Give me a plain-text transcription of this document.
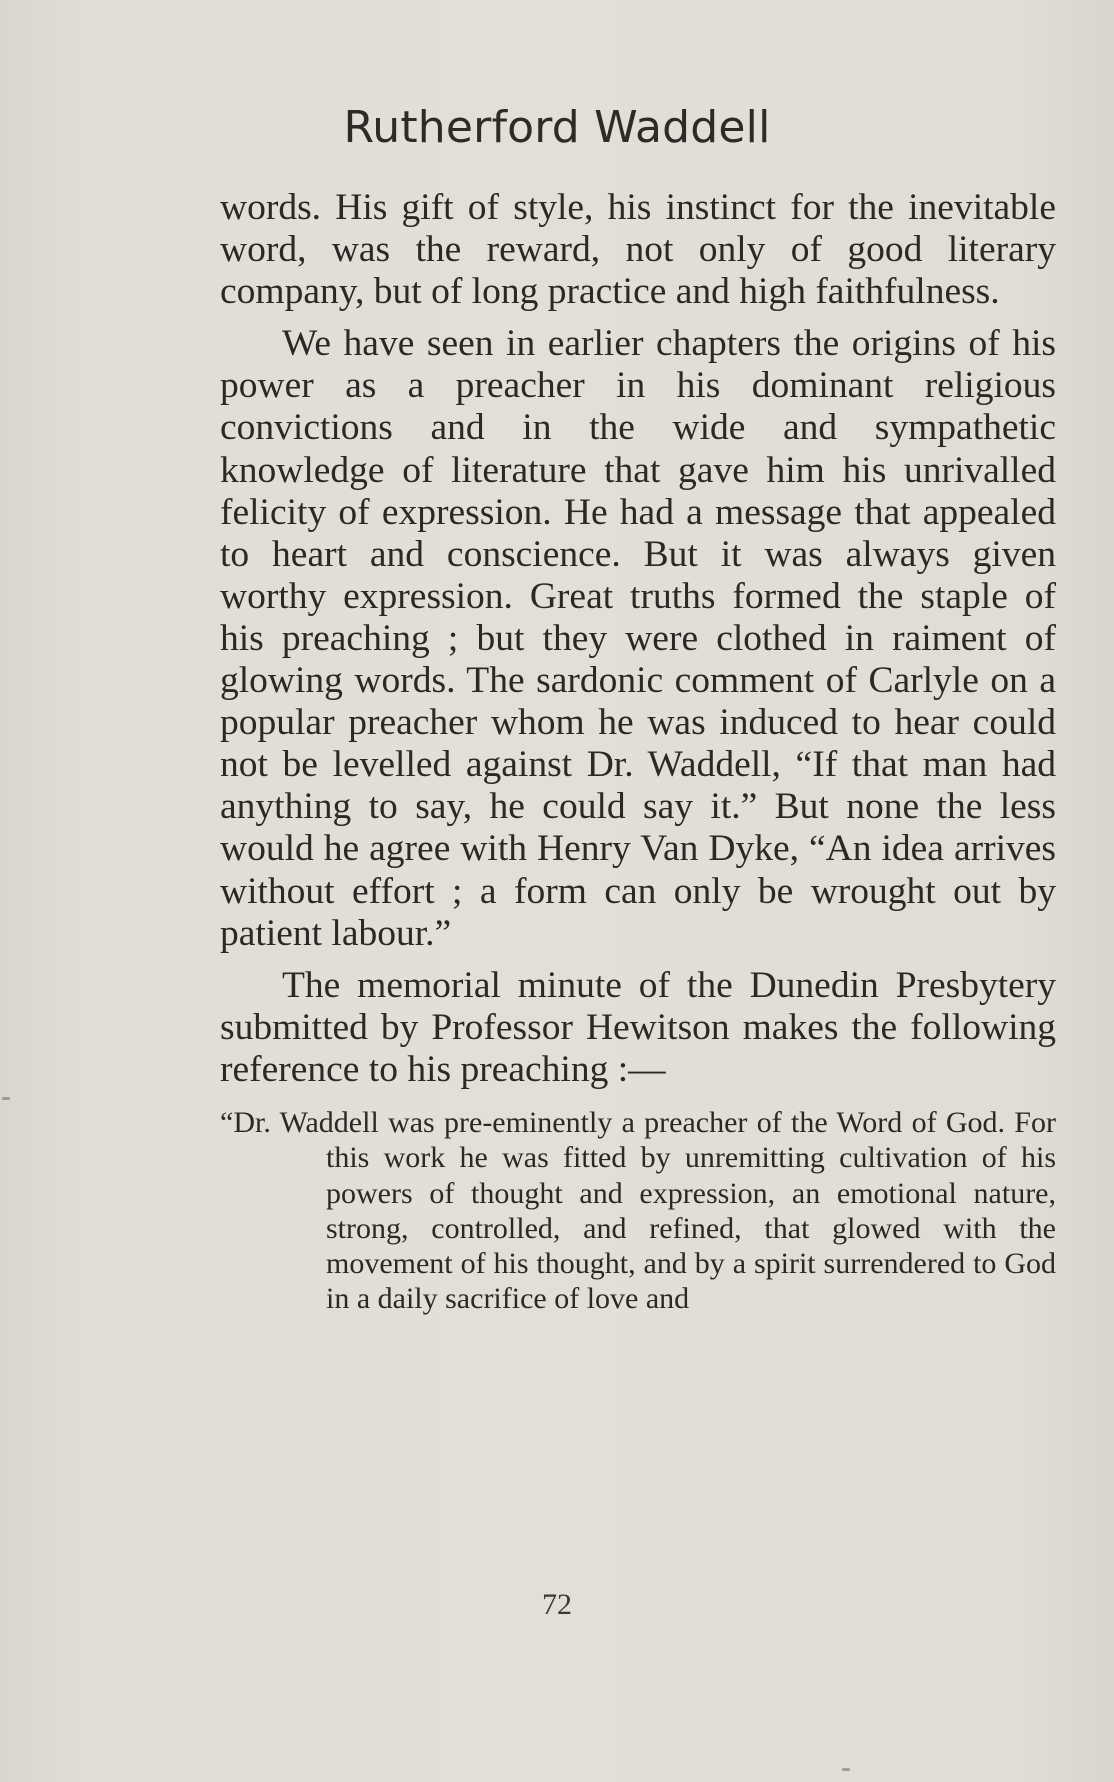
Rutherford Waddell

words. His gift of style, his instinct for the inevitable word, was the reward, not only of good literary company, but of long practice and high faithfulness.

We have seen in earlier chapters the origins of his power as a preacher in his dominant religious convictions and in the wide and sympathetic knowledge of literature that gave him his unrivalled felicity of expression. He had a message that appealed to heart and conscience. But it was always given worthy expression. Great truths formed the staple of his preaching ; but they were clothed in raiment of glowing words. The sardonic comment of Carlyle on a popular preacher whom he was induced to hear could not be levelled against Dr. Waddell, “If that man had anything to say, he could say it.” But none the less would he agree with Henry Van Dyke, “An idea arrives without effort ; a form can only be wrought out by patient labour.”

The memorial minute of the Dunedin Presbytery submitted by Professor Hewitson makes the following reference to his preaching :—

“Dr. Waddell was pre-eminently a preacher of the Word of God. For this work he was fitted by unremitting cultivation of his powers of thought and expression, an emotional nature, strong, controlled, and refined, that glowed with the movement of his thought, and by a spirit surrendered to God in a daily sacrifice of love and
72
